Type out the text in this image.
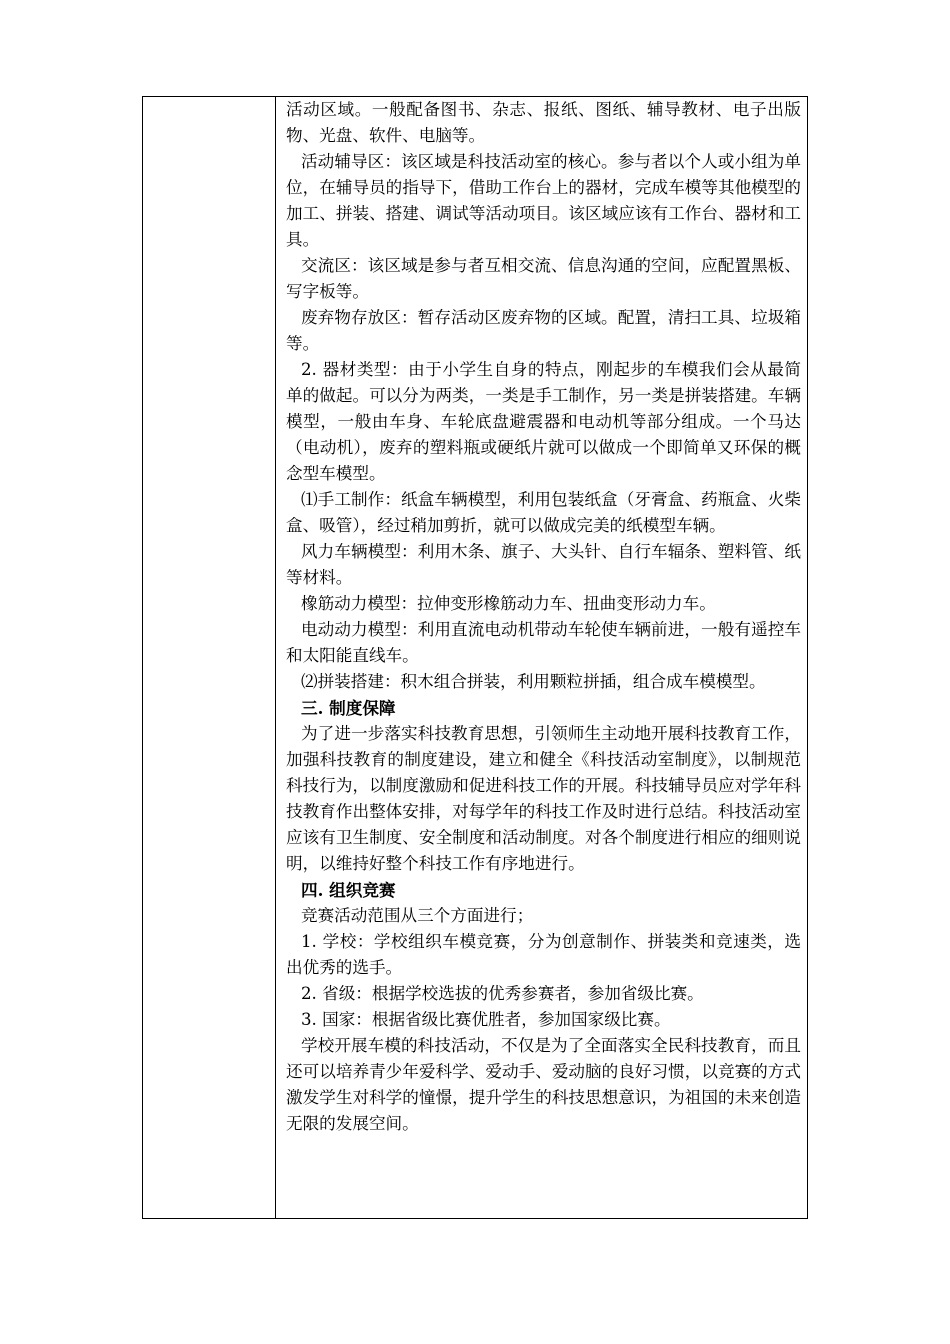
活动区域。一般配备图书、杂志、报纸、图纸、辅导教材、电子出版物、光盘、软件、电脑等。

活动辅导区：该区域是科技活动室的核心。参与者以个人或小组为单位，在辅导员的指导下，借助工作台上的器材，完成车模等其他模型的加工、拼装、搭建、调试等活动项目。该区域应该有工作台、器材和工具。

交流区：该区域是参与者互相交流、信息沟通的空间，应配置黑板、写字板等。

废弃物存放区：暂存活动区废弃物的区域。配置，清扫工具、垃圾箱等。

2. 器材类型：由于小学生自身的特点，刚起步的车模我们会从最简单的做起。可以分为两类，一类是手工制作，另一类是拼装搭建。车辆模型，一般由车身、车轮底盘避震器和电动机等部分组成。一个马达（电动机），废弃的塑料瓶或硬纸片就可以做成一个即简单又环保的概念型车模型。

⑴手工制作：纸盒车辆模型，利用包装纸盒（牙膏盒、药瓶盒、火柴盒、吸管），经过稍加剪折，就可以做成完美的纸模型车辆。

风力车辆模型：利用木条、旗子、大头针、自行车辐条、塑料管、纸等材料。

橡筋动力模型：拉伸变形橡筋动力车、扭曲变形动力车。

电动动力模型：利用直流电动机带动车轮使车辆前进，一般有遥控车和太阳能直线车。

⑵拼装搭建：积木组合拼装，利用颗粒拼插，组合成车模模型。

三. 制度保障

为了进一步落实科技教育思想，引领师生主动地开展科技教育工作，加强科技教育的制度建设，建立和健全《科技活动室制度》，以制规范科技行为，以制度激励和促进科技工作的开展。科技辅导员应对学年科技教育作出整体安排，对每学年的科技工作及时进行总结。科技活动室应该有卫生制度、安全制度和活动制度。对各个制度进行相应的细则说明，以维持好整个科技工作有序地进行。

四. 组织竞赛

竞赛活动范围从三个方面进行；

1. 学校：学校组织车模竞赛，分为创意制作、拼装类和竞速类，选出优秀的选手。

2. 省级：根据学校选拔的优秀参赛者，参加省级比赛。

3. 国家：根据省级比赛优胜者，参加国家级比赛。

学校开展车模的科技活动，不仅是为了全面落实全民科技教育，而且还可以培养青少年爱科学、爱动手、爱动脑的良好习惯，以竞赛的方式激发学生对科学的憧憬，提升学生的科技思想意识，为祖国的未来创造无限的发展空间。
